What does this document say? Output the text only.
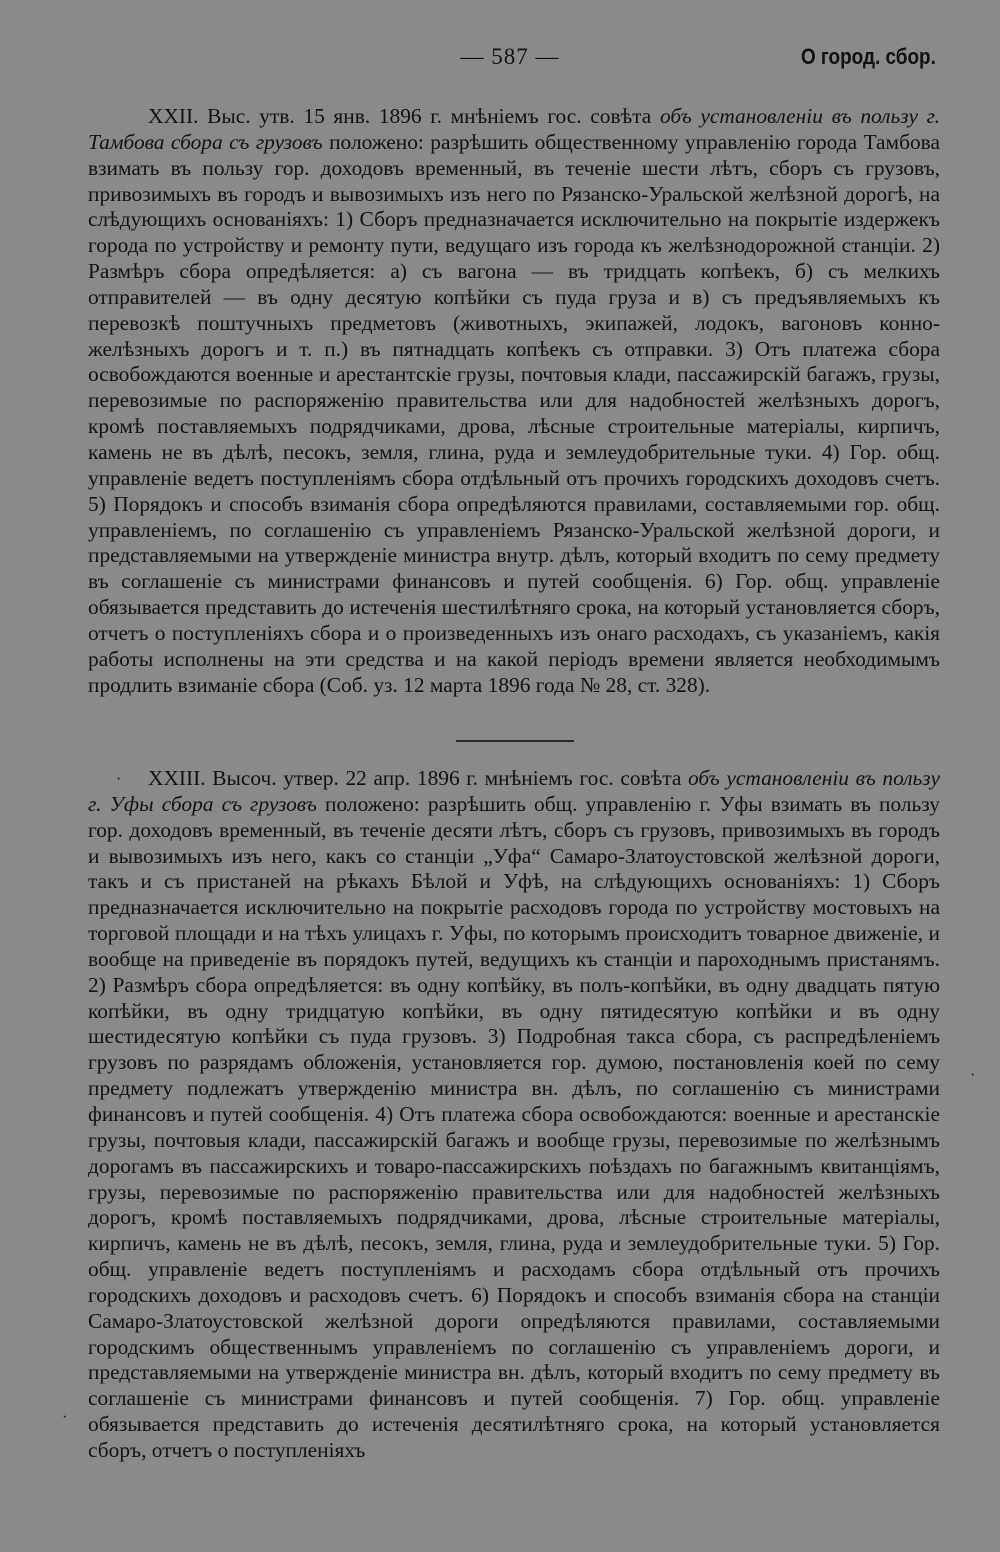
— 587 —	О город. сбор.

XXII. Выс. утв. 15 янв. 1896 г. мнѣніемъ гос. совѣта объ установленіи въ пользу г. Тамбова сбора съ грузовъ положено: разрѣшить общественному управленію города Тамбова взимать въ пользу гор. доходовъ временный, въ теченіе шести лѣтъ, сборъ съ грузовъ, привозимыхъ въ городъ и вывозимыхъ изъ него по Рязанско-Уральской желѣзной дорогѣ, на слѣдующихъ основаніяхъ: 1) Сборъ предназначается исключительно на покрытіе издержекъ города по устройству и ремонту пути, ведущаго изъ города къ желѣзнодорожной станціи. 2) Размѣръ сбора опредѣляется: а) съ вагона — въ тридцать копѣекъ, б) съ мелкихъ отправителей — въ одну десятую копѣйки съ пуда груза и в) съ предъявляемыхъ къ перевозкѣ поштучныхъ предметовъ (животныхъ, экипажей, лодокъ, вагоновъ конно-желѣзныхъ дорогъ и т. п.) въ пятнадцать копѣекъ съ отправки. 3) Отъ платежа сбора освобождаются военные и арестантскіе грузы, почтовыя клади, пассажирскій багажъ, грузы, перевозимые по распоряженію правительства или для надобностей желѣзныхъ дорогъ, кромѣ поставляемыхъ подрядчиками, дрова, лѣсные строительные матеріалы, кирпичъ, камень не въ дѣлѣ, песокъ, земля, глина, руда и землеудобрительные туки. 4) Гор. общ. управленіе ведетъ поступленіямъ сбора отдѣльный отъ прочихъ городскихъ доходовъ счетъ. 5) Порядокъ и способъ взиманія сбора опредѣляются правилами, составляемыми гор. общ. управленіемъ, по соглашенію съ управленіемъ Рязанско-Уральской желѣзной дороги, и представляемыми на утвержденіе министра внутр. дѣлъ, который входитъ по сему предмету въ соглашеніе съ министрами финансовъ и путей сообщенія. 6) Гор. общ. управленіе обязывается представить до истеченія шестилѣтняго срока, на который установляется сборъ, отчетъ о поступленіяхъ сбора и о произведенныхъ изъ онаго расходахъ, съ указаніемъ, какія работы исполнены на эти средства и на какой періодъ времени является необходимымъ продлить взиманіе сбора (Соб. уз. 12 марта 1896 года № 28, ст. 328).

XXIII. Высоч. утвер. 22 апр. 1896 г. мнѣніемъ гос. совѣта объ установленіи въ пользу г. Уфы сбора съ грузовъ положено: разрѣшить общ. управленію г. Уфы взимать въ пользу гор. доходовъ временный, въ теченіе десяти лѣтъ, сборъ съ грузовъ, привозимыхъ въ городъ и вывозимыхъ изъ него, какъ со станціи „Уфа“ Самаро-Златоустовской желѣзной дороги, такъ и съ пристаней на рѣкахъ Бѣлой и Уфѣ, на слѣдующихъ основаніяхъ: 1) Сборъ предназначается исключительно на покрытіе расходовъ города по устройству мостовыхъ на торговой площади и на тѣхъ улицахъ г. Уфы, по которымъ происходитъ товарное движеніе, и вообще на приведеніе въ порядокъ путей, ведущихъ къ станціи и пароходнымъ пристанямъ. 2) Размѣръ сбора опредѣляется: въ одну копѣйку, въ полъ-копѣйки, въ одну двадцать пятую копѣйки, въ одну тридцатую копѣйки, въ одну пятидесятую копѣйки и въ одну шестидесятую копѣйки съ пуда грузовъ. 3) Подробная такса сбора, съ распредѣленіемъ грузовъ по разрядамъ обложенія, установляется гор. думою, постановленія коей по сему предмету подлежатъ утвержденію министра вн. дѣлъ, по соглашенію съ министрами финансовъ и путей сообщенія. 4) Отъ платежа сбора освобождаются: военные и арестанскіе грузы, почтовыя клади, пассажирскій багажъ и вообще грузы, перевозимые по желѣзнымъ дорогамъ въ пассажирскихъ и товаро-пассажирскихъ поѣздахъ по багажнымъ квитанціямъ, грузы, перевозимые по распоряженію правительства или для надобностей желѣзныхъ дорогъ, кромѣ поставляемыхъ подрядчиками, дрова, лѣсные строительные матеріалы, кирпичъ, камень не въ дѣлѣ, песокъ, земля, глина, руда и землеудобрительные туки. 5) Гор. общ. управленіе ведетъ поступленіямъ и расходамъ сбора отдѣльный отъ прочихъ городскихъ доходовъ и расходовъ счетъ. 6) Порядокъ и способъ взиманія сбора на станціи Самаро-Златоустовской желѣзной дороги опредѣляются правилами, составляемыми городскимъ общественнымъ управленіемъ по соглашенію съ управленіемъ дороги, и представляемыми на утвержденіе министра вн. дѣлъ, который входитъ по сему предмету въ соглашеніе съ министрами финансовъ и путей сообщенія. 7) Гор. общ. управленіе обязывается представить до истеченія десятилѣтняго срока, на который установляется сборъ, отчетъ о поступленіяхъ

·
·
·
